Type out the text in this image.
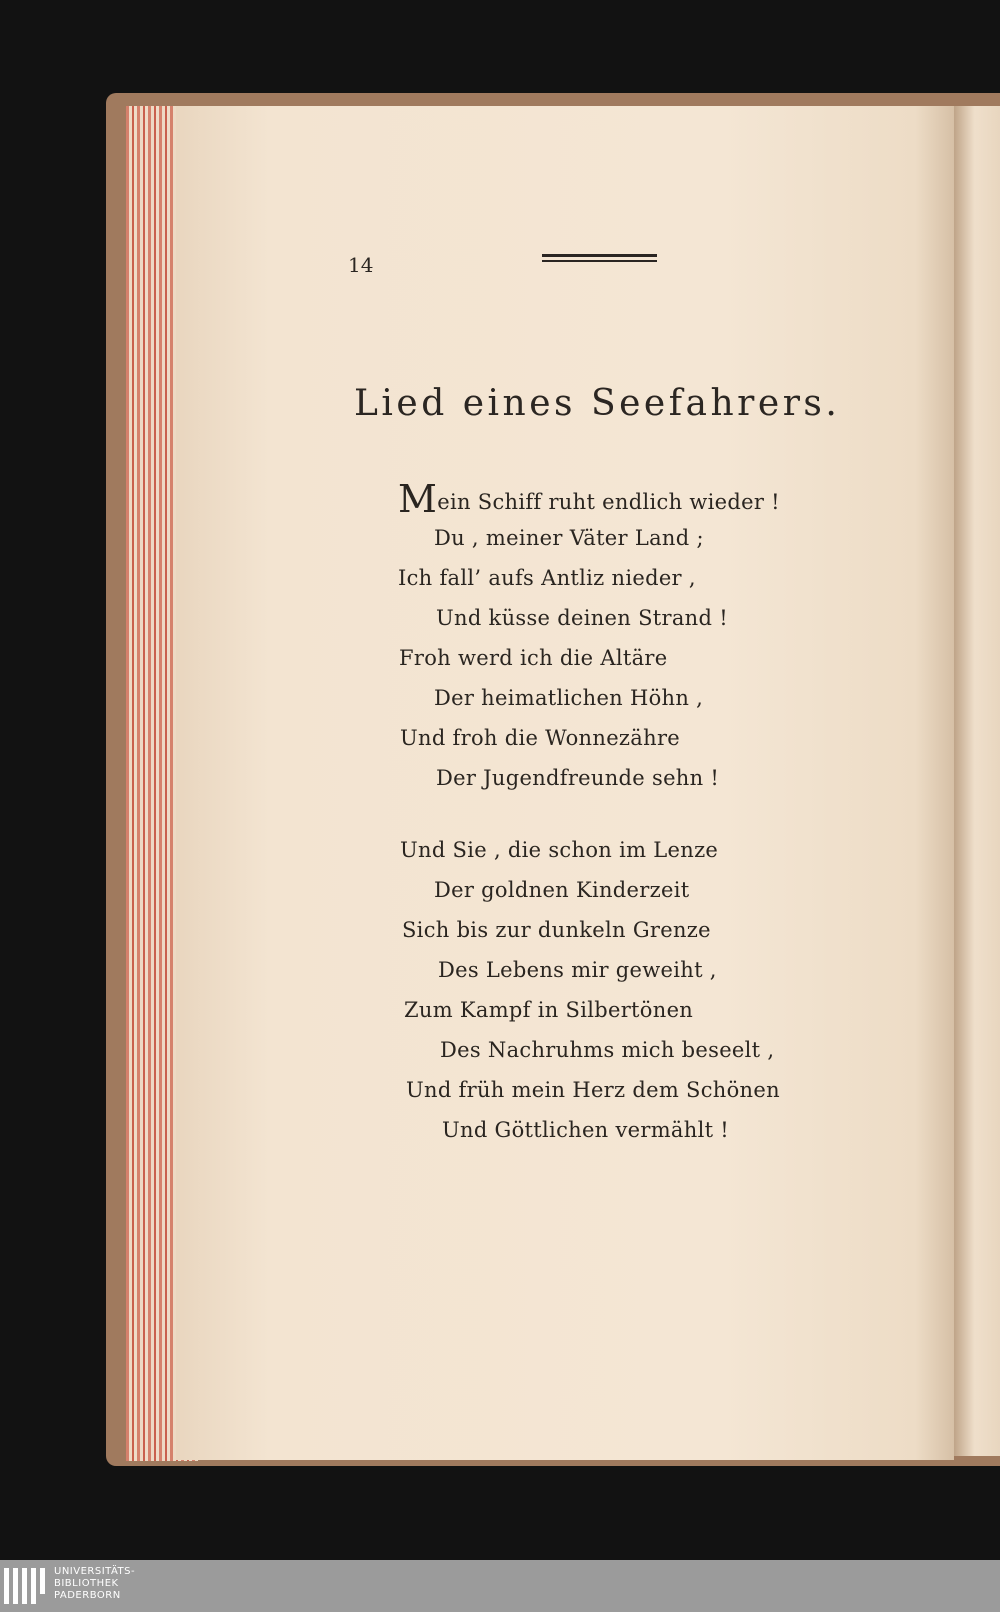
14
Lied eines Seefahrers.
Mein Schiff ruht endlich wieder !
Du , meiner Väter Land ;
Ich fall’ aufs Antliz nieder ,
Und küsse deinen Strand !
Froh werd ich die Altäre
Der heimatlichen Höhn ,
Und froh die Wonnezähre
Der Jugendfreunde sehn !
Und Sie , die schon im Lenze
Der goldnen Kinderzeit
Sich bis zur dunkeln Grenze
Des Lebens mir geweiht ,
Zum Kampf in Silbertönen
Des Nachruhms mich beseelt ,
Und früh mein Herz dem Schönen
Und Göttlichen vermählt !
UNIVERSITÄTS-
BIBLIOTHEK
PADERBORN
